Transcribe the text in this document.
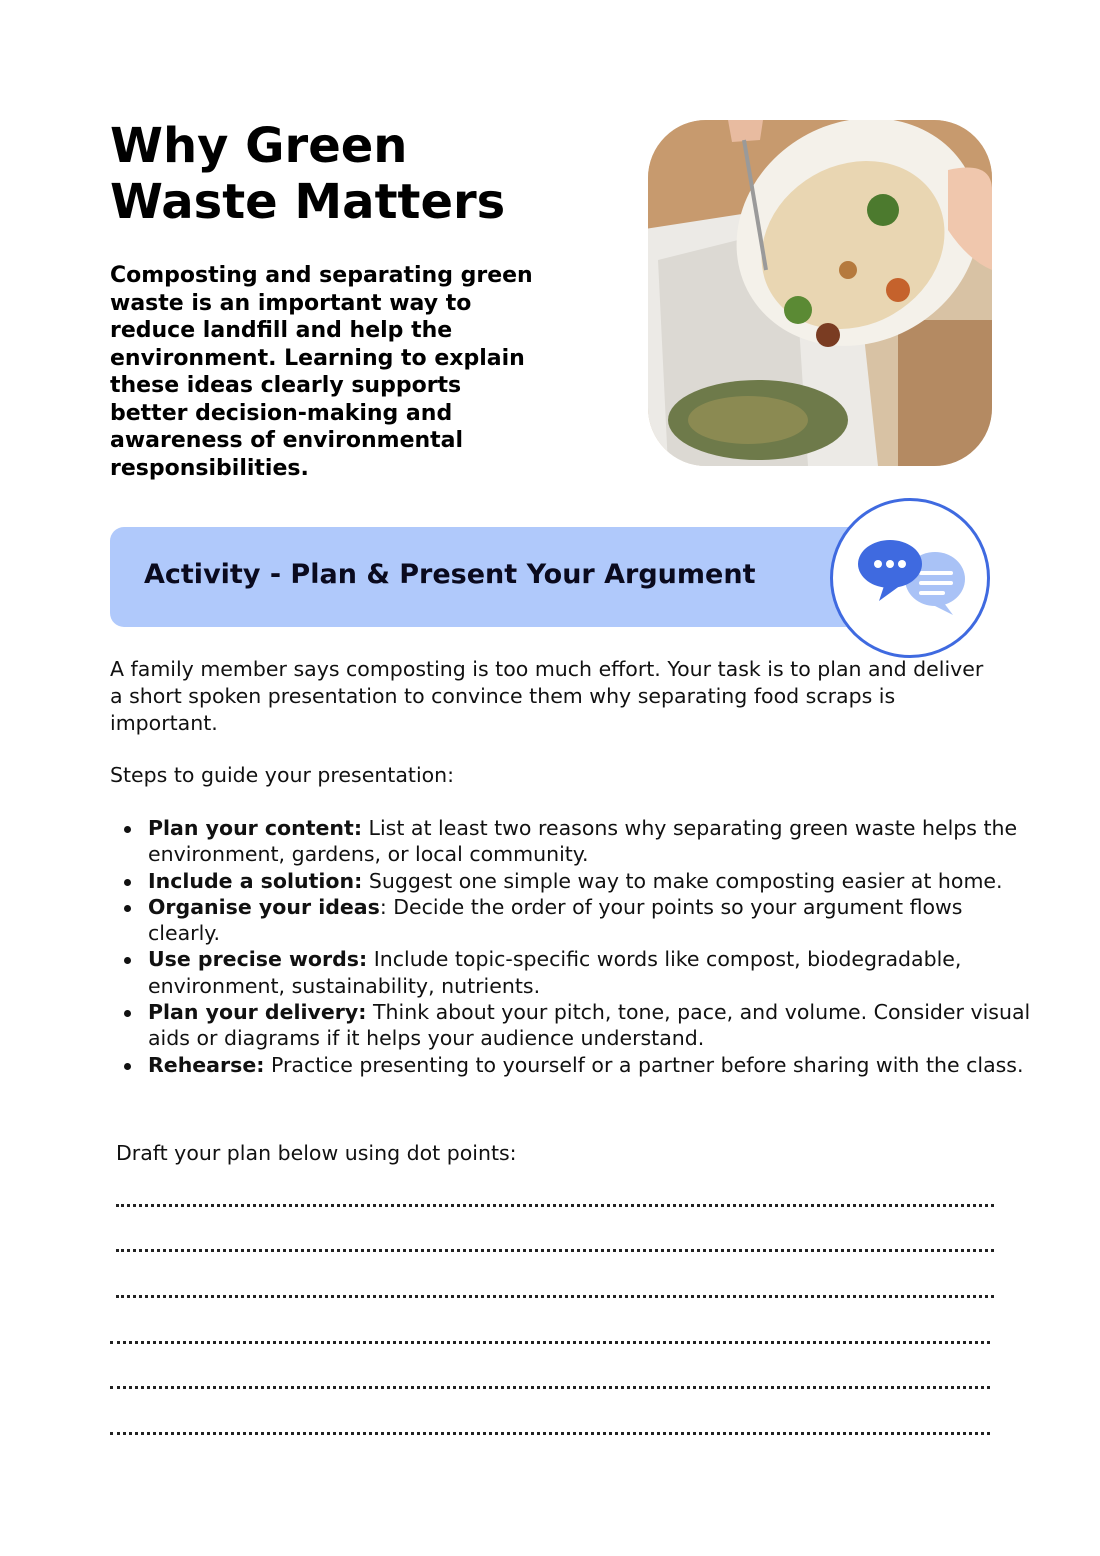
Why Green Waste Matters

Composting and separating green waste is an important way to reduce landfill and help the environment. Learning to explain these ideas clearly supports better decision-making and awareness of environmental responsibilities.

Activity - Plan & Present Your Argument

A family member says composting is too much effort. Your task is to plan and deliver a short spoken presentation to convince them why separating food scraps is important.

Steps to guide your presentation:

Plan your content: List at least two reasons why separating green waste helps the environment, gardens, or local community.
Include a solution: Suggest one simple way to make composting easier at home.
Organise your ideas: Decide the order of your points so your argument flows clearly.
Use precise words: Include topic-specific words like compost, biodegradable, environment, sustainability, nutrients.
Plan your delivery: Think about your pitch, tone, pace, and volume. Consider visual aids or diagrams if it helps your audience understand.
Rehearse: Practice presenting to yourself or a partner before sharing with the class.

Draft your plan below using dot points:
